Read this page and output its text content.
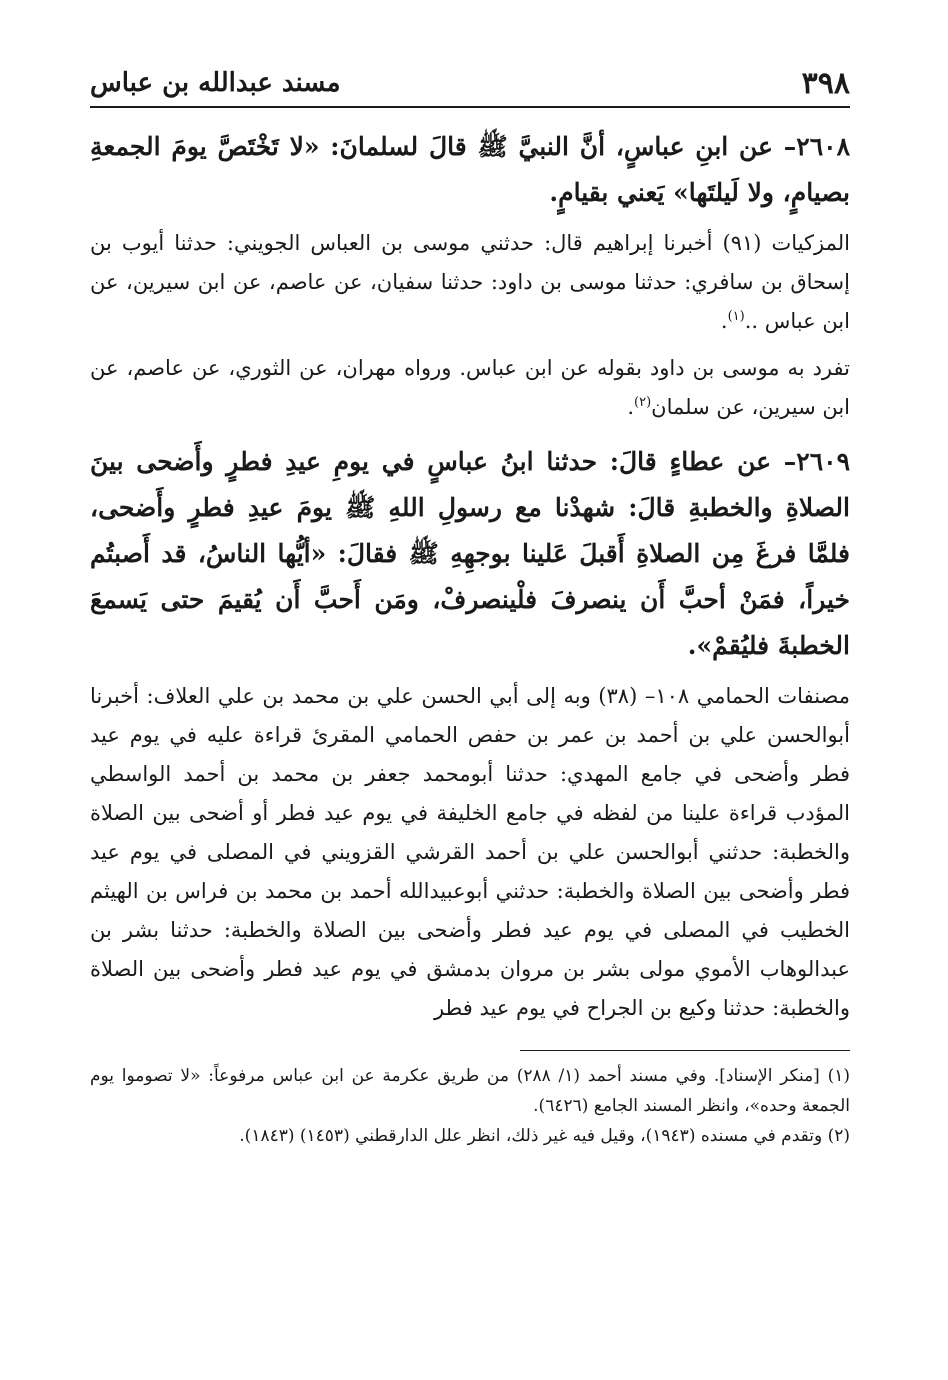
٣٩٨
مسند عبدالله بن عباس

٢٦٠٨– عن ابنِ عباسٍ، أنَّ النبيَّ ﷺ قالَ لسلمانَ: «لا تَخْتَصَّ يومَ الجمعةِ بصيامٍ، ولا لَيلتَها» يَعني بقيامٍ.

المزكيات (٩١) أخبرنا إبراهيم قال: حدثني موسى بن العباس الجويني: حدثنا أيوب بن إسحاق بن سافري: حدثنا موسى بن داود: حدثنا سفيان، عن عاصم، عن ابن سيرين، عن ابن عباس ..$^{(١)}$.

تفرد به موسى بن داود بقوله عن ابن عباس. ورواه مهران، عن الثوري، عن عاصم، عن ابن سيرين، عن سلمان$^{(٢)}$.

٢٦٠٩– عن عطاءٍ قالَ: حدثنا ابنُ عباسٍ في يومِ عيدِ فطرٍ وأَضحى بينَ الصلاةِ والخطبةِ قالَ: شهدْنا مع رسولِ اللهِ ﷺ يومَ عيدِ فطرٍ وأَضحى، فلمَّا فرغَ مِن الصلاةِ أَقبلَ عَلينا بوجهِهِ ﷺ فقالَ: «أيُّها الناسُ، قد أَصبتُم خيراً، فمَنْ أحبَّ أَن ينصرفَ فلْينصرفْ، ومَن أَحبَّ أَن يُقيمَ حتى يَسمعَ الخطبةَ فليُقمْ».

مصنفات الحمامي ١٠٨– (٣٨) وبه إلى أبي الحسن علي بن محمد بن علي العلاف: أخبرنا أبوالحسن علي بن أحمد بن عمر بن حفص الحمامي المقرئ قراءة عليه في يوم عيد فطر وأضحى في جامع المهدي: حدثنا أبومحمد جعفر بن محمد بن أحمد الواسطي المؤدب قراءة علينا من لفظه في جامع الخليفة في يوم عيد فطر أو أضحى بين الصلاة والخطبة: حدثني أبوالحسن علي بن أحمد القرشي القزويني في المصلى في يوم عيد فطر وأضحى بين الصلاة والخطبة: حدثني أبوعبيدالله أحمد بن محمد بن فراس بن الهيثم الخطيب في المصلى في يوم عيد فطر وأضحى بين الصلاة والخطبة: حدثنا بشر بن عبدالوهاب الأموي مولى بشر بن مروان بدمشق في يوم عيد فطر وأضحى بين الصلاة والخطبة: حدثنا وكيع بن الجراح في يوم عيد فطر

(١) [منكر الإسناد]. وفي مسند أحمد (١/ ٢٨٨) من طريق عكرمة عن ابن عباس مرفوعاً: «لا تصوموا يوم الجمعة وحده»، وانظر المسند الجامع (٦٤٢٦).

(٢) وتقدم في مسنده (١٩٤٣)، وقيل فيه غير ذلك، انظر علل الدارقطني (١٤٥٣) (١٨٤٣).
